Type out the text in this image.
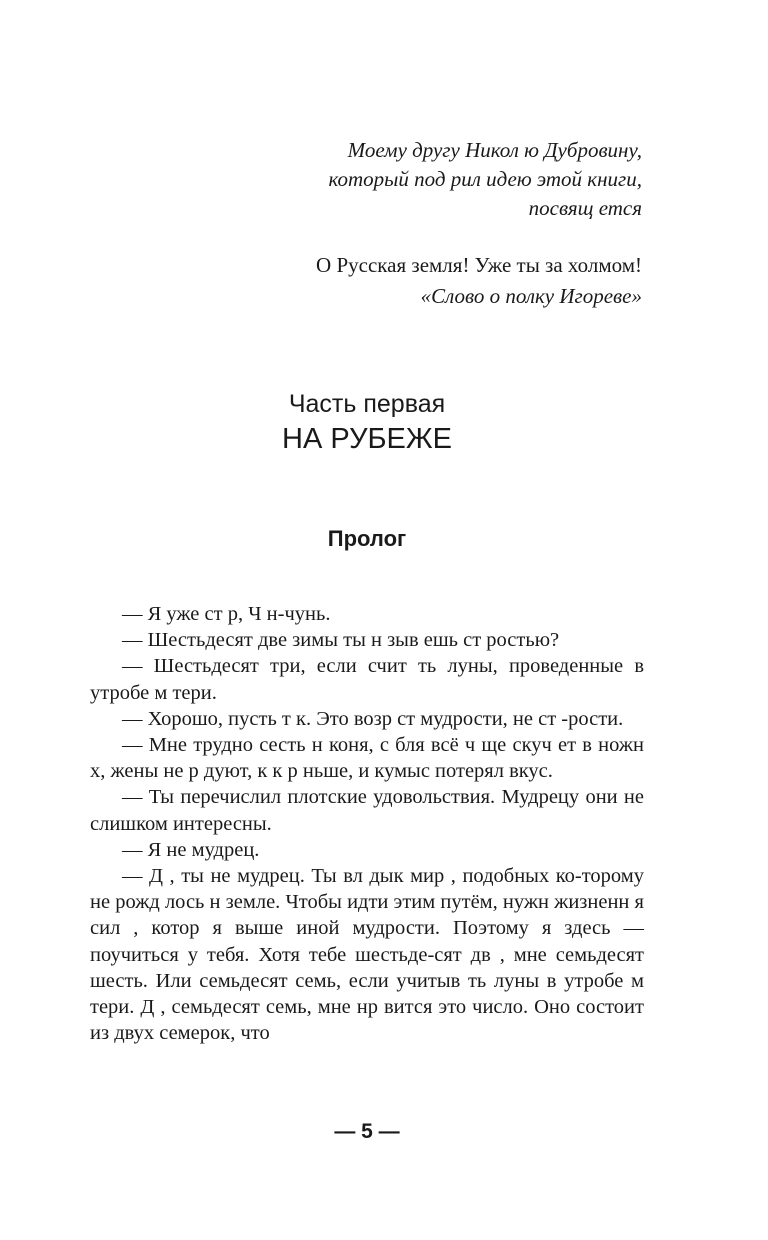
Моему другу Никол ю Дубровину,
который под рил идею этой книги,
посвящ ется
О Русская земля! Уже ты за холмом!
«Слово о полку Игореве»
Часть первая
НА РУБЕЖЕ
Пролог

— Я уже ст р, Ч н-чунь.

— Шестьдесят две зимы ты н зыв ешь ст ростью?

— Шестьдесят три, если счит ть луны, проведенные в утробе м тери.

— Хорошо, пусть т к. Это возр ст мудрости, не ст -рости.

— Мне трудно сесть н коня, с бля всё ч ще скуч ет в ножн х, жены не р дуют, к к р ньше, и кумыс потерял вкус.

— Ты перечислил плотские удовольствия. Мудрецу они не слишком интересны.

— Я не мудрец.

— Д , ты не мудрец. Ты вл дык мир , подобных ко-торому не рожд лось н земле. Чтобы идти этим путём, нужн жизненн я сил , котор я выше иной мудрости. Поэтому я здесь — поучиться у тебя. Хотя тебе шестьде-сят дв , мне семьдесят шесть. Или семьдесят семь, если учитыв ть луны в утробе м тери. Д , семьдесят семь, мне нр вится это число. Оно состоит из двух семерок, что

— 5 —
